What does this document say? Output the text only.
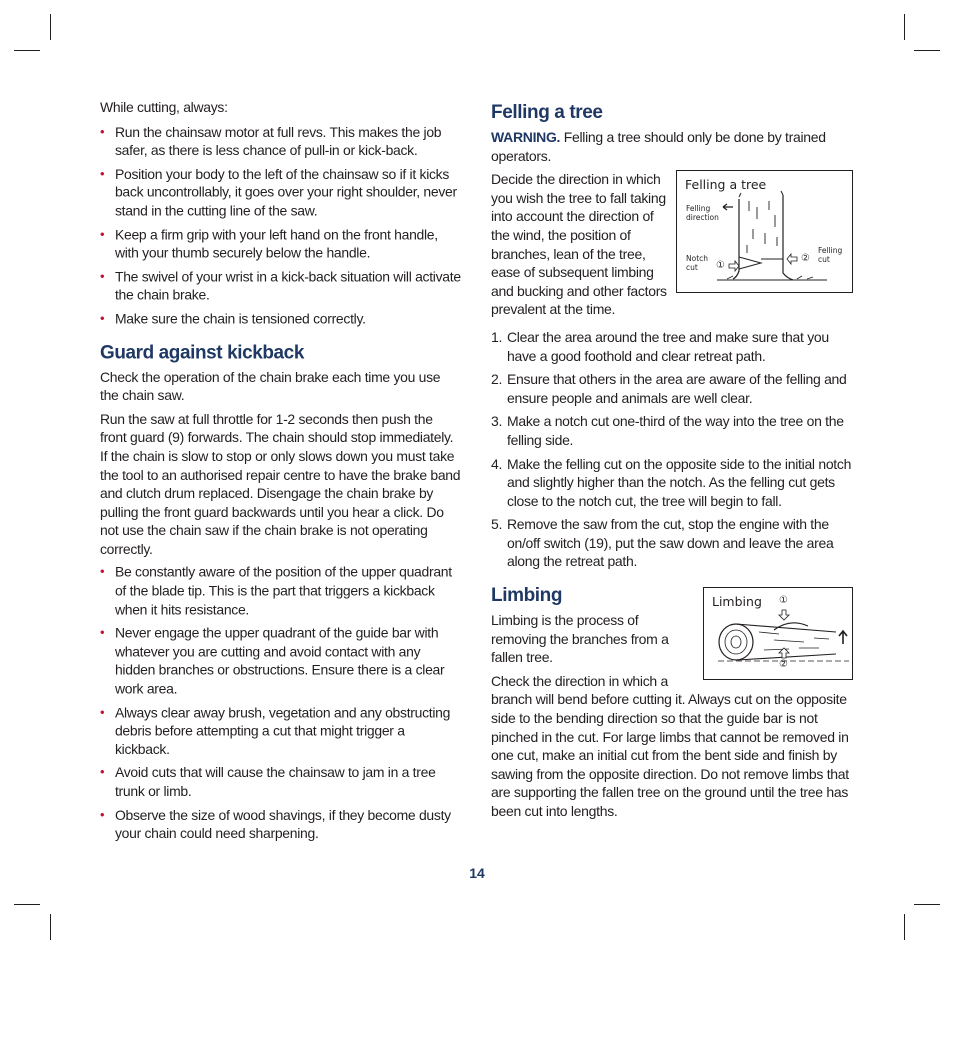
While cutting, always:

• Run the chainsaw motor at full revs. This makes the job safer, as there is less chance of pull-in or kick-back.
• Position your body to the left of the chainsaw so if it kicks back uncontrollably, it goes over your right shoulder, never stand in the cutting line of the saw.
• Keep a firm grip with your left hand on the front handle, with your thumb securely below the handle.
• The swivel of your wrist in a kick-back situation will activate the chain brake.
• Make sure the chain is tensioned correctly.
Guard against kickback

Check the operation of the chain brake each time you use the chain saw.

Run the saw at full throttle for 1-2 seconds then push the front guard (9) forwards. The chain should stop immediately. If the chain is slow to stop or only slows down you must take the tool to an authorised repair centre to have the brake band and clutch drum replaced. Disengage the chain brake by pulling the front guard backwards until you hear a click. Do not use the chain saw if the chain brake is not operating correctly.

• Be constantly aware of the position of the upper quadrant of the blade tip. This is the part that triggers a kickback when it hits resistance.
• Never engage the upper quadrant of the guide bar with whatever you are cutting and avoid contact with any hidden branches or obstructions. Ensure there is a clear work area.
• Always clear away brush, vegetation and any obstructing debris before attempting a cut that might trigger a kickback.
• Avoid cuts that will cause the chainsaw to jam in a tree trunk or limb.
• Observe the size of wood shavings, if they become dusty your chain could need sharpening.
Felling a tree

WARNING. Felling a tree should only be done by trained operators.

Felling a tree
Felling
direction
Notch
cut	①
②
Felling
cut

Decide the direction in which you wish the tree to fall taking into account the direction of the wind, the position of branches, lean of the tree, ease of subsequent limbing and bucking and other factors prevalent at the time.

1. Clear the area around the tree and make sure that you have a good foothold and clear retreat path.
2. Ensure that others in the area are aware of the felling and ensure people and animals are well clear.
3. Make a notch cut one-third of the way into the tree on the felling side.
4. Make the felling cut on the opposite side to the initial notch and slightly higher than the notch. As the felling cut gets close to the notch cut, the tree will begin to fall.
5. Remove the saw from the cut, stop the engine with the on/off switch (19), put the saw down and leave the area along the retreat path.
Limbing	Limbing ①
②

Limbing is the process of removing the branches from a fallen tree.

Check the direction in which a branch will bend before cutting it. Always cut on the opposite side to the bending direction so that the guide bar is not pinched in the cut. For large limbs that cannot be removed in one cut, make an initial cut from the bent side and finish by sawing from the opposite direction. Do not remove limbs that are supporting the fallen tree on the ground until the tree has been cut into lengths.

14
